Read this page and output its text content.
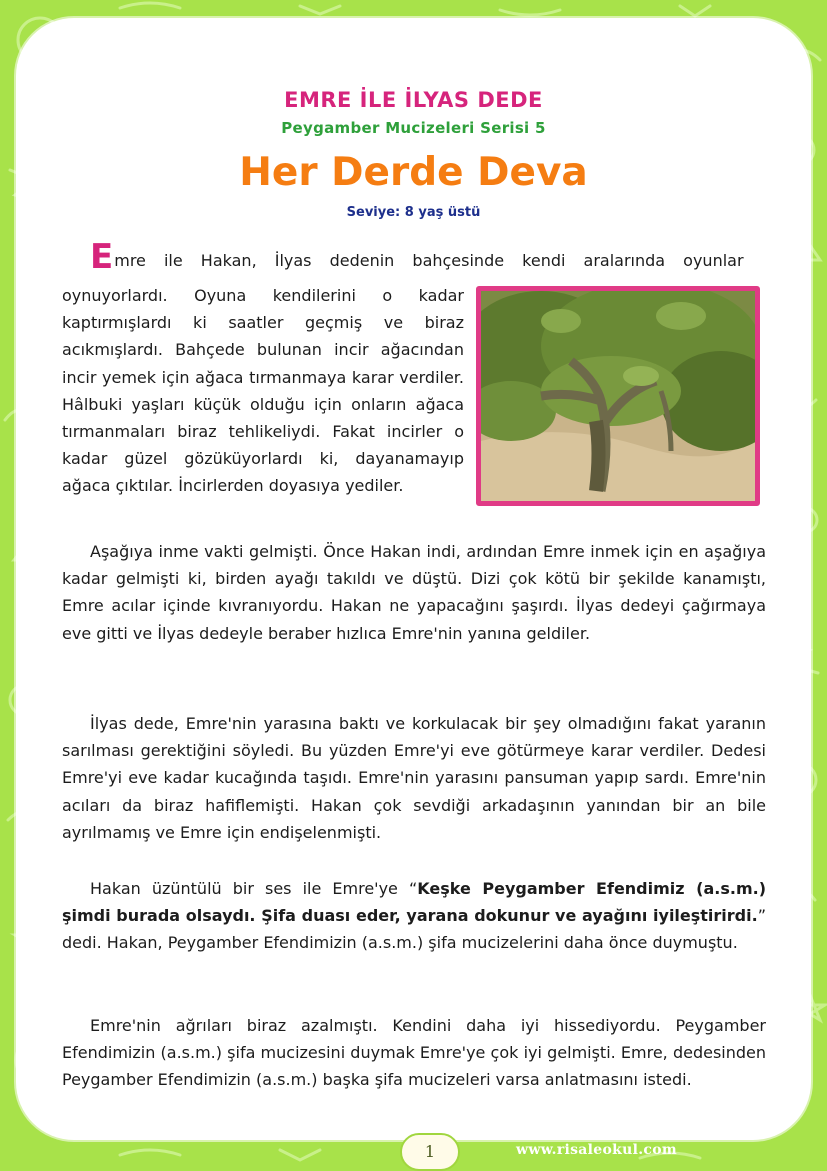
EMRE İLE İLYAS DEDE
Peygamber Mucizeleri Serisi 5
Her Derde Deva
Seviye: 8 yaş üstü
Emre ile Hakan, İlyas dedenin bahçesinde kendi aralarında oyunlar
oynuyorlardı. Oyuna kendilerini o kadar kaptırmışlardı ki saatler geçmiş ve biraz acıkmışlardı. Bahçede bulunan incir ağacından incir yemek için ağaca tırmanmaya karar verdiler. Hâlbuki yaşları küçük olduğu için onların ağaca tırmanmaları biraz tehlikeliydi. Fakat incirler o kadar güzel gözüküyorlardı ki, dayanamayıp ağaca çıktılar. İncirlerden doyasıya yediler.
Aşağıya inme vakti gelmişti. Önce Hakan indi, ardından Emre inmek için en aşağıya kadar gelmişti ki, birden ayağı takıldı ve düştü. Dizi çok kötü bir şekilde kanamıştı, Emre acılar içinde kıvranıyordu. Hakan ne yapacağını şaşırdı. İlyas dedeyi çağırmaya eve gitti ve İlyas dedeyle beraber hızlıca Emre'nin yanına geldiler.
İlyas dede, Emre'nin yarasına baktı ve korkulacak bir şey olmadığını fakat yaranın sarılması gerektiğini söyledi. Bu yüzden Emre'yi eve götürmeye karar verdiler. Dedesi Emre'yi eve kadar kucağında taşıdı. Emre'nin yarasını pansuman yapıp sardı. Emre'nin acıları da biraz hafiflemişti. Hakan çok sevdiği arkadaşının yanından bir an bile ayrılmamış ve Emre için endişelenmişti.
Hakan üzüntülü bir ses ile Emre'ye “Keşke Peygamber Efendimiz (a.s.m.) şimdi burada olsaydı. Şifa duası eder, yarana dokunur ve ayağını iyileştirirdi.” dedi. Hakan, Peygamber Efendimizin (a.s.m.) şifa mucizelerini daha önce duymuştu.
Emre'nin ağrıları biraz azalmıştı. Kendini daha iyi hissediyordu. Peygamber Efendimizin (a.s.m.) şifa mucizesini duymak Emre'ye çok iyi gelmişti. Emre, dedesinden Peygamber Efendimizin (a.s.m.) başka şifa mucizeleri varsa anlatmasını istedi.
1	www.risaleokul.com
